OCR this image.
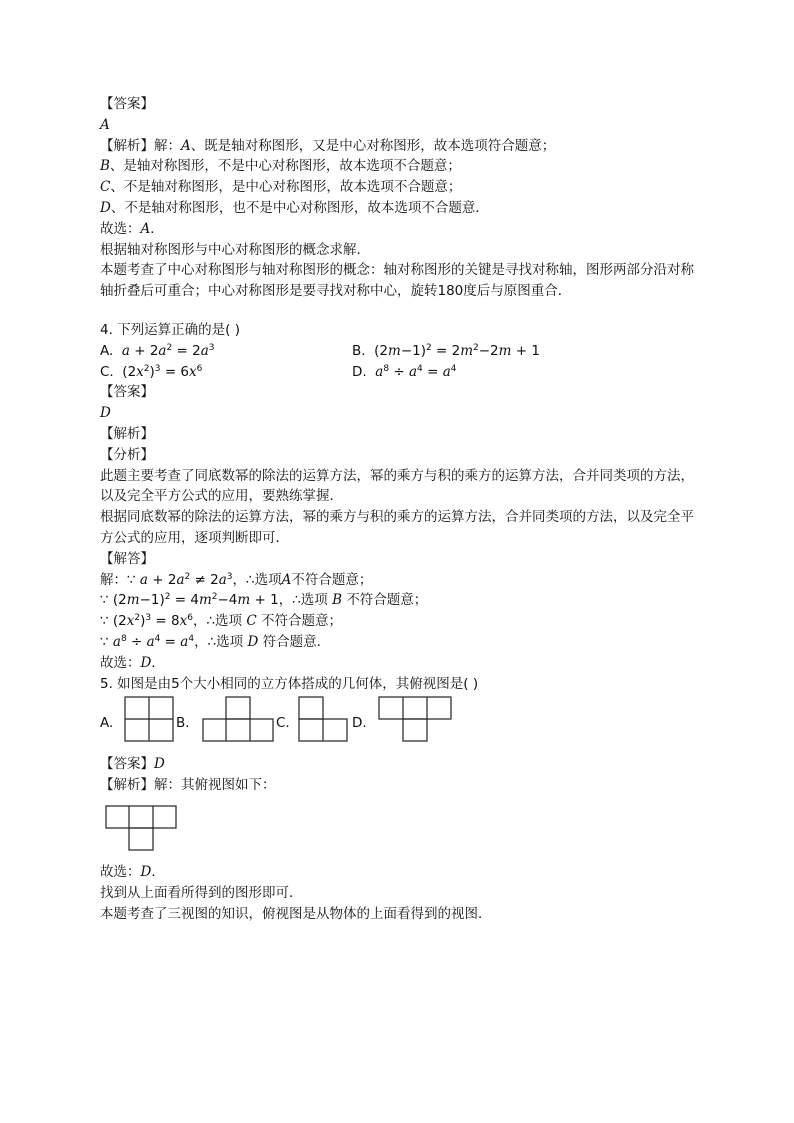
【答案】
A
【解析】解：A、既是轴对称图形，又是中心对称图形，故本选项符合题意；
B、是轴对称图形，不是中心对称图形，故本选项不合题意；
C、不是轴对称图形，是中心对称图形，故本选项不合题意；
D、不是轴对称图形，也不是中心对称图形，故本选项不合题意．
故选：A．
根据轴对称图形与中心对称图形的概念求解．
本题考查了中心对称图形与轴对称图形的概念：轴对称图形的关键是寻找对称轴，图形两部分沿对称
轴折叠后可重合；中心对称图形是要寻找对称中心，旋转180度后与原图重合．
4. 下列运算正确的是( )
A.  $a + 2a^2 = 2a^3$	B.  $(2m-1)^2 = 2m^2-2m + 1$
C.  $(2x^2)^3 = 6x^6$	D.  $a^8 \div a^4 = a^4$
【答案】
D
【解析】
【分析】
此题主要考查了同底数幂的除法的运算方法，幂的乘方与积的乘方的运算方法，合并同类项的方法，
以及完全平方公式的应用，要熟练掌握．
根据同底数幂的除法的运算方法，幂的乘方与积的乘方的运算方法，合并同类项的方法，以及完全平
方公式的应用，逐项判断即可．
【解答】
解：∵ $a + 2a^2 \ne 2a^3$，∴选项A不符合题意；
∵ $(2m-1)^2 = 4m^2-4m + 1$，∴选项 B 不符合题意；
∵ $(2x^2)^3 = 8x^6$，∴选项 C 不符合题意；
∵ $a^8 \div a^4 = a^4$，∴选项 D 符合题意．
故选：D．
5. 如图是由5个大小相同的立方体搭成的几何体，其俯视图是( )
A.	B.	C.	D.
【答案】D
【解析】解：其俯视图如下：
故选：D．
找到从上面看所得到的图形即可．
本题考查了三视图的知识，俯视图是从物体的上面看得到的视图．
